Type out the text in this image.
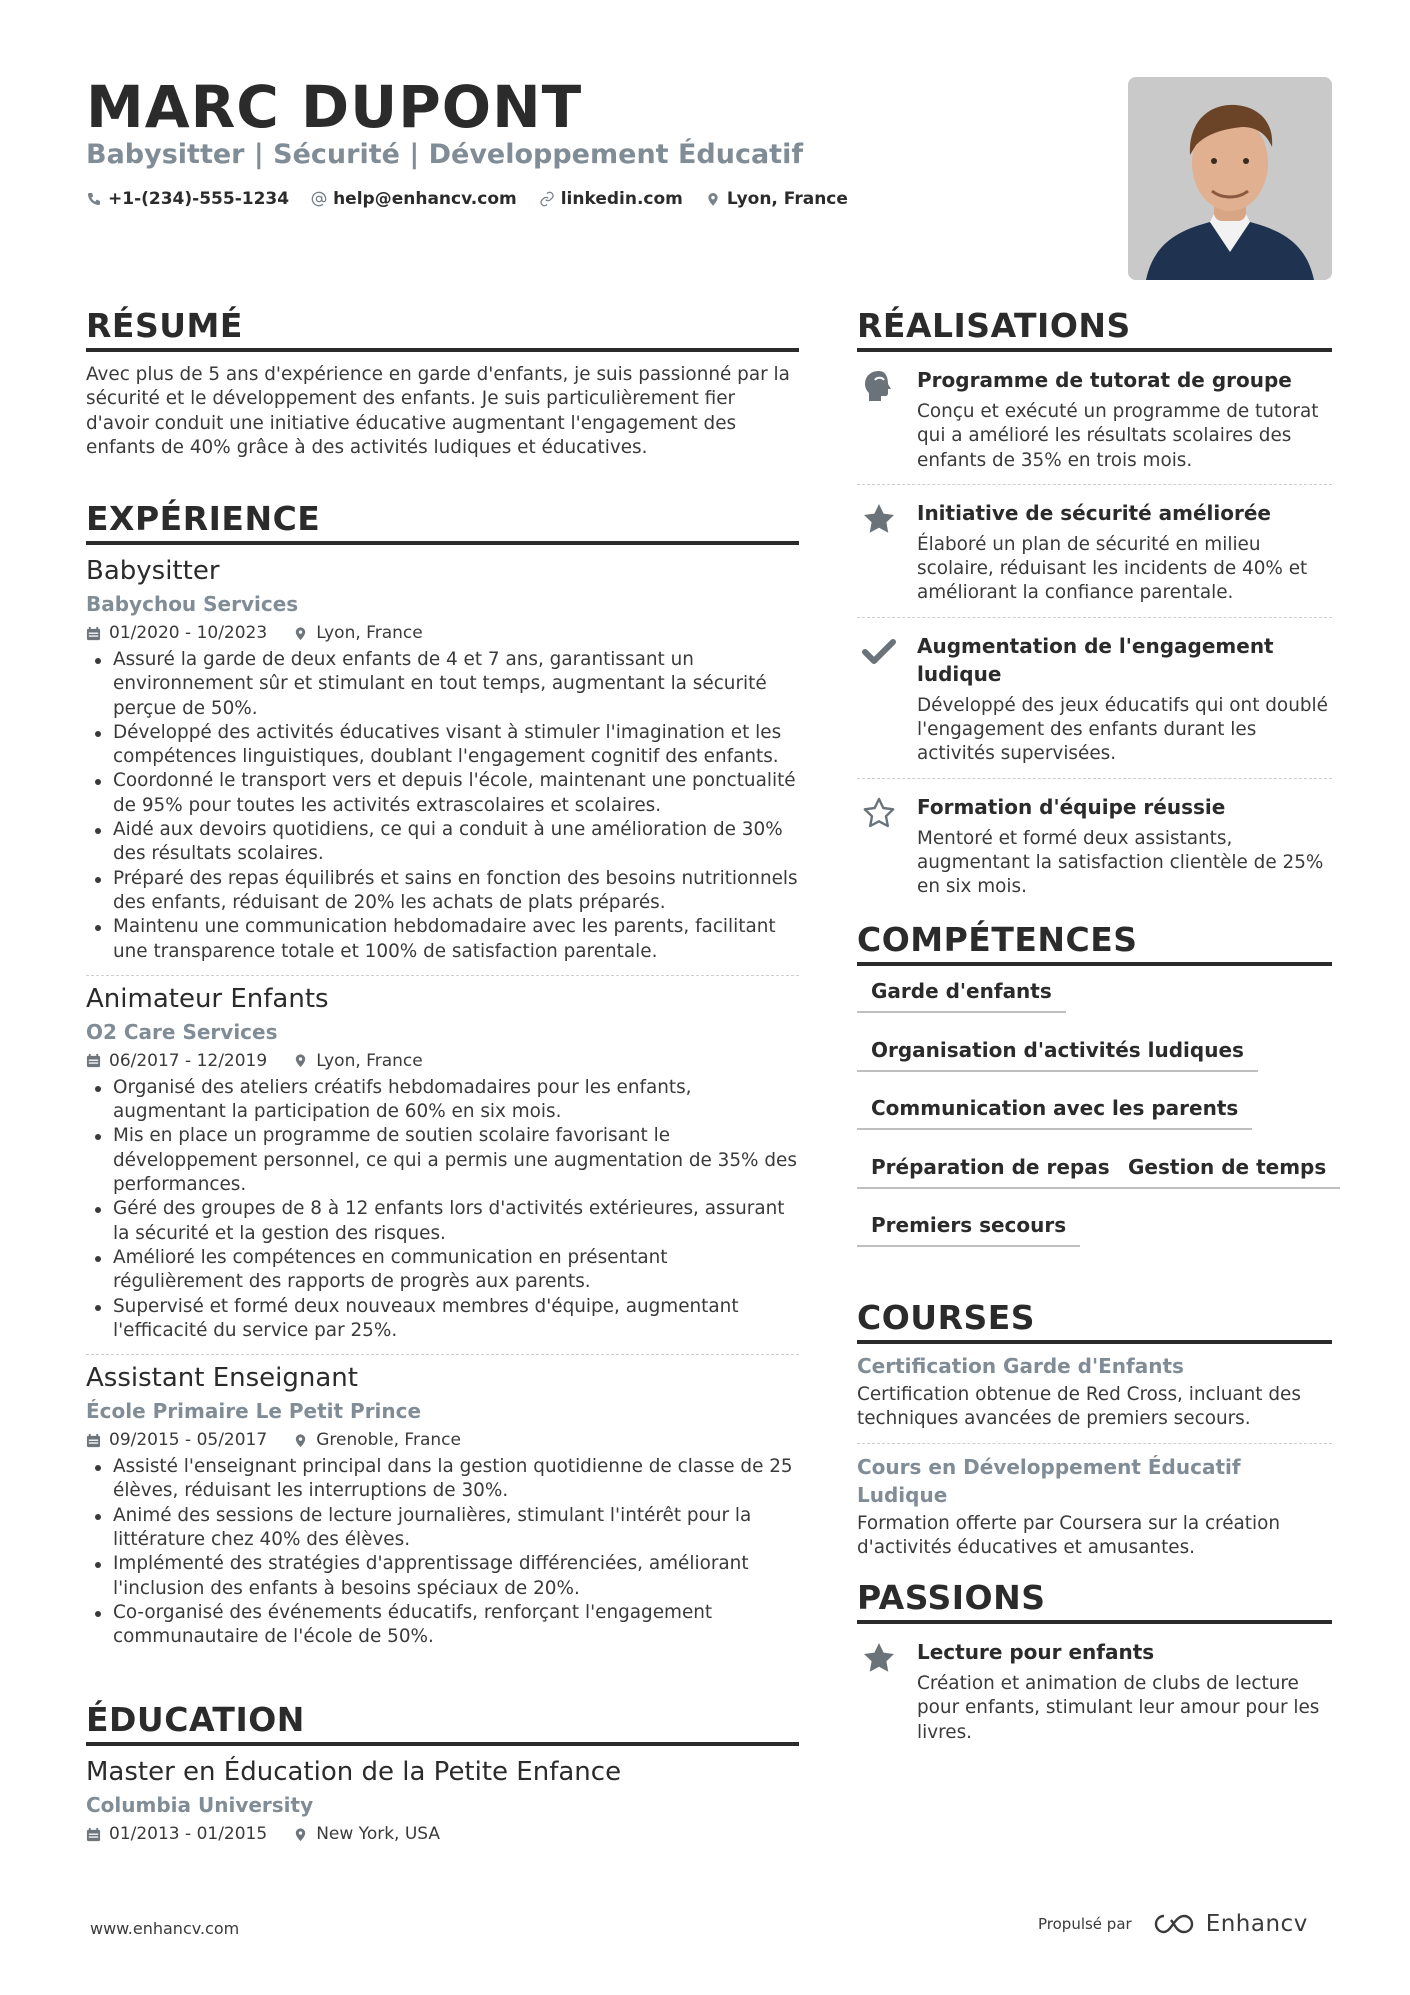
MARC DUPONT
Babysitter | Sécurité | Développement Éducatif
+1-(234)-555-1234	help@enhancv.com	linkedin.com	Lyon, France
RÉSUMÉ
Avec plus de 5 ans d'expérience en garde d'enfants, je suis passionné par la sécurité et le développement des enfants. Je suis particulièrement fier d'avoir conduit une initiative éducative augmentant l'engagement des enfants de 40% grâce à des activités ludiques et éducatives.
EXPÉRIENCE
Babysitter
Babychou Services
01/2020 - 10/2023	Lyon, France
Assuré la garde de deux enfants de 4 et 7 ans, garantissant un environnement sûr et stimulant en tout temps, augmentant la sécurité perçue de 50%.
Développé des activités éducatives visant à stimuler l'imagination et les compétences linguistiques, doublant l'engagement cognitif des enfants.
Coordonné le transport vers et depuis l'école, maintenant une ponctualité de 95% pour toutes les activités extrascolaires et scolaires.
Aidé aux devoirs quotidiens, ce qui a conduit à une amélioration de 30% des résultats scolaires.
Préparé des repas équilibrés et sains en fonction des besoins nutritionnels des enfants, réduisant de 20% les achats de plats préparés.
Maintenu une communication hebdomadaire avec les parents, facilitant une transparence totale et 100% de satisfaction parentale.
Animateur Enfants
O2 Care Services
06/2017 - 12/2019	Lyon, France
Organisé des ateliers créatifs hebdomadaires pour les enfants, augmentant la participation de 60% en six mois.
Mis en place un programme de soutien scolaire favorisant le développement personnel, ce qui a permis une augmentation de 35% des performances.
Géré des groupes de 8 à 12 enfants lors d'activités extérieures, assurant la sécurité et la gestion des risques.
Amélioré les compétences en communication en présentant régulièrement des rapports de progrès aux parents.
Supervisé et formé deux nouveaux membres d'équipe, augmentant l'efficacité du service par 25%.
Assistant Enseignant
École Primaire Le Petit Prince
09/2015 - 05/2017	Grenoble, France
Assisté l'enseignant principal dans la gestion quotidienne de classe de 25 élèves, réduisant les interruptions de 30%.
Animé des sessions de lecture journalières, stimulant l'intérêt pour la littérature chez 40% des élèves.
Implémenté des stratégies d'apprentissage différenciées, améliorant l'inclusion des enfants à besoins spéciaux de 20%.
Co-organisé des événements éducatifs, renforçant l'engagement communautaire de l'école de 50%.
ÉDUCATION
Master en Éducation de la Petite Enfance
Columbia University
01/2013 - 01/2015	New York, USA
RÉALISATIONS
Programme de tutorat de groupe
Conçu et exécuté un programme de tutorat qui a amélioré les résultats scolaires des enfants de 35% en trois mois.
Initiative de sécurité améliorée
Élaboré un plan de sécurité en milieu scolaire, réduisant les incidents de 40% et améliorant la confiance parentale.
Augmentation de l'engagement ludique
Développé des jeux éducatifs qui ont doublé l'engagement des enfants durant les activités supervisées.
Formation d'équipe réussie
Mentoré et formé deux assistants, augmentant la satisfaction clientèle de 25% en six mois.
COMPÉTENCES
Garde d'enfants
Organisation d'activités ludiques
Communication avec les parents
Préparation de repas Gestion de temps
Premiers secours
COURSES
Certification Garde d'Enfants
Certification obtenue de Red Cross, incluant des techniques avancées de premiers secours.
Cours en Développement Éducatif Ludique
Formation offerte par Coursera sur la création d'activités éducatives et amusantes.
PASSIONS
Lecture pour enfants
Création et animation de clubs de lecture pour enfants, stimulant leur amour pour les livres.
www.enhancv.com	Propulsé par	Enhancv
